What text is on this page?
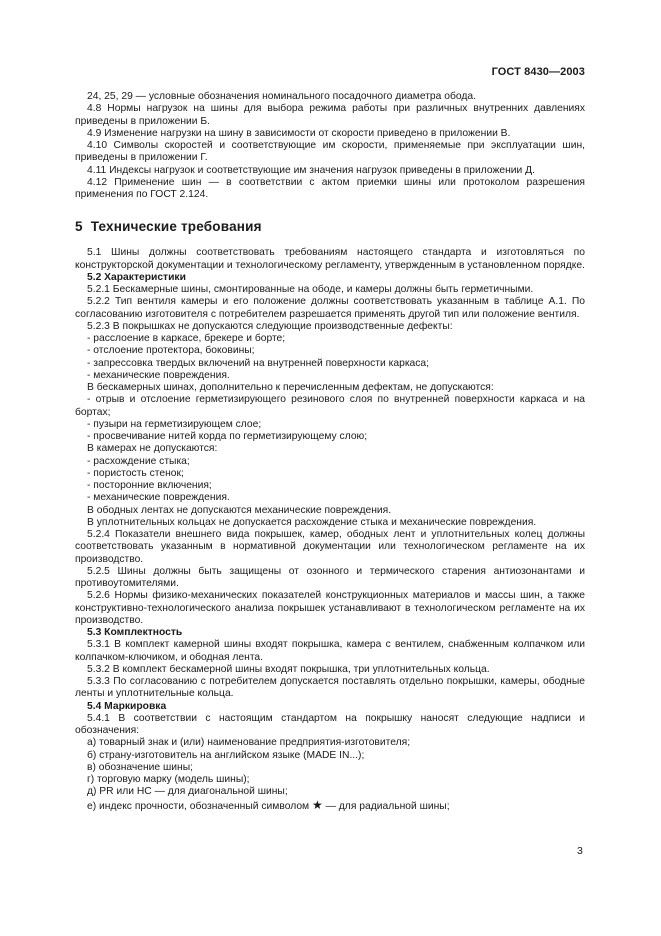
ГОСТ 8430—2003

24, 25, 29 — условные обозначения номинального посадочного диаметра обода.

4.8 Нормы нагрузок на шины для выбора режима работы при различных внутренних давлениях приведены в приложении Б.

4.9 Изменение нагрузки на шину в зависимости от скорости приведено в приложении В.

4.10 Символы скоростей и соответствующие им скорости, применяемые при эксплуатации шин, приведены в приложении Г.

4.11 Индексы нагрузок и соответствующие им значения нагрузок приведены в приложении Д.

4.12 Применение шин — в соответствии с актом приемки шины или протоколом разрешения применения по ГОСТ 2.124.

5 Технические требования

5.1 Шины должны соответствовать требованиям настоящего стандарта и изготовляться по конструкторской документации и технологическому регламенту, утвержденным в установленном порядке.

5.2 Характеристики

5.2.1 Бескамерные шины, смонтированные на ободе, и камеры должны быть герметичными.

5.2.2 Тип вентиля камеры и его положение должны соответствовать указанным в таблице А.1. По согласованию изготовителя с потребителем разрешается применять другой тип или положение вентиля.

5.2.3 В покрышках не допускаются следующие производственные дефекты:

- расслоение в каркасе, брекере и борте;

- отслоение протектора, боковины;

- запрессовка твердых включений на внутренней поверхности каркаса;

- механические повреждения.

В бескамерных шинах, дополнительно к перечисленным дефектам, не допускаются:

- отрыв и отслоение герметизирующего резинового слоя по внутренней поверхности каркаса и на бортах;

- пузыри на герметизирующем слое;

- просвечивание нитей корда по герметизирующему слою;

В камерах не допускаются:

- расхождение стыка;

- пористость стенок;

- посторонние включения;

- механические повреждения.

В ободных лентах не допускаются механические повреждения.

В уплотнительных кольцах не допускается расхождение стыка и механические повреждения.

5.2.4 Показатели внешнего вида покрышек, камер, ободных лент и уплотнительных колец должны соответствовать указанным в нормативной документации или технологическом регламенте на их производство.

5.2.5 Шины должны быть защищены от озонного и термического старения антиозонантами и противоутомителями.

5.2.6 Нормы физико-механических показателей конструкционных материалов и массы шин, а также конструктивно-технологического анализа покрышек устанавливают в технологическом регламенте на их производство.

5.3 Комплектность

5.3.1 В комплект камерной шины входят покрышка, камера с вентилем, снабженным колпачком или колпачком-ключиком, и ободная лента.

5.3.2 В комплект бескамерной шины входят покрышка, три уплотнительных кольца.

5.3.3 По согласованию с потребителем допускается поставлять отдельно покрышки, камеры, ободные ленты и уплотнительные кольца.

5.4 Маркировка

5.4.1 В соответствии с настоящим стандартом на покрышку наносят следующие надписи и обозначения:

а) товарный знак и (или) наименование предприятия-изготовителя;

б) страну-изготовитель на английском языке (MADE IN...);

в) обозначение шины;

г) торговую марку (модель шины);

д) PR или НС — для диагональной шины;

е) индекс прочности, обозначенный символом ★ — для радиальной шины;

3
